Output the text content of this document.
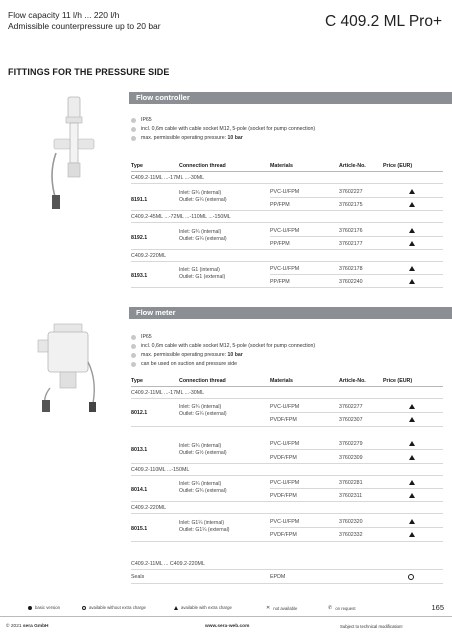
Flow capacity 11 l/h ... 220 l/h
Admissible counterpressure up to 20 bar	C 409.2 ML Pro+
FITTINGS FOR THE PRESSURE SIDE
Flow controller
IP65
incl. 0,6m cable with cable socket M12, 5-pole (socket for pump connection)
max. permissible operating pressure: 10 bar
Type	Connection thread	Materials	Article-No.	Price (EUR)
C409.2-11ML ...-17ML ...-30ML
8191.1
Inlet: G¾ (internal)
Outlet: G¼ (external)
PVC-U/FPM	37602227
PP/FPM	37602175
C409.2-45ML ...-72ML ...-110ML ...-150ML
8192.1
Inlet: G¾ (internal)
Outlet: G¼ (external)
PVC-U/FPM	37602176
PP/FPM	37602177
C409.2-220ML
8193.1
Inlet: G1 (internal)
Outlet: G1 (external)
PVC-U/FPM	37602178
PP/FPM	37602240
Flow meter
IP65
incl. 0,6m cable with cable socket M12, 5-pole (socket for pump connection)
max. permissible operating pressure: 10 bar
can be used on suction and pressure side
Type	Connection thread	Materials	Article-No.	Price (EUR)
C409.2-11ML ...-17ML ...-30ML
8012.1
Inlet: G¾ (internal)
Outlet: G¼ (external)
PVC-U/FPM	37602277
PVDF/FPM	37602307
8013.1
Inlet: G¾ (internal)
Outlet: G½ (external)
PVC-U/FPM	37602279
PVDF/FPM	37602309
C409.2-110ML ...-150ML
8014.1
Inlet: G¾ (internal)
Outlet: G¾ (external)
PVC-U/FPM	37602281
PVDF/FPM	37602311
C409.2-220ML
8015.1
Inlet: G1¼ (internal)
Outlet: G1¼ (external)
PVC-U/FPM	37602320
PVDF/FPM	37602332
C409.2-11ML ... C409.2-220ML
Seals	EPDM
basic version	available without extra charge	available with extra charge	✕ not available	✆ on request	165
© 2021 sera GmbH	www.sera-web.com	Subject to technical modification!
